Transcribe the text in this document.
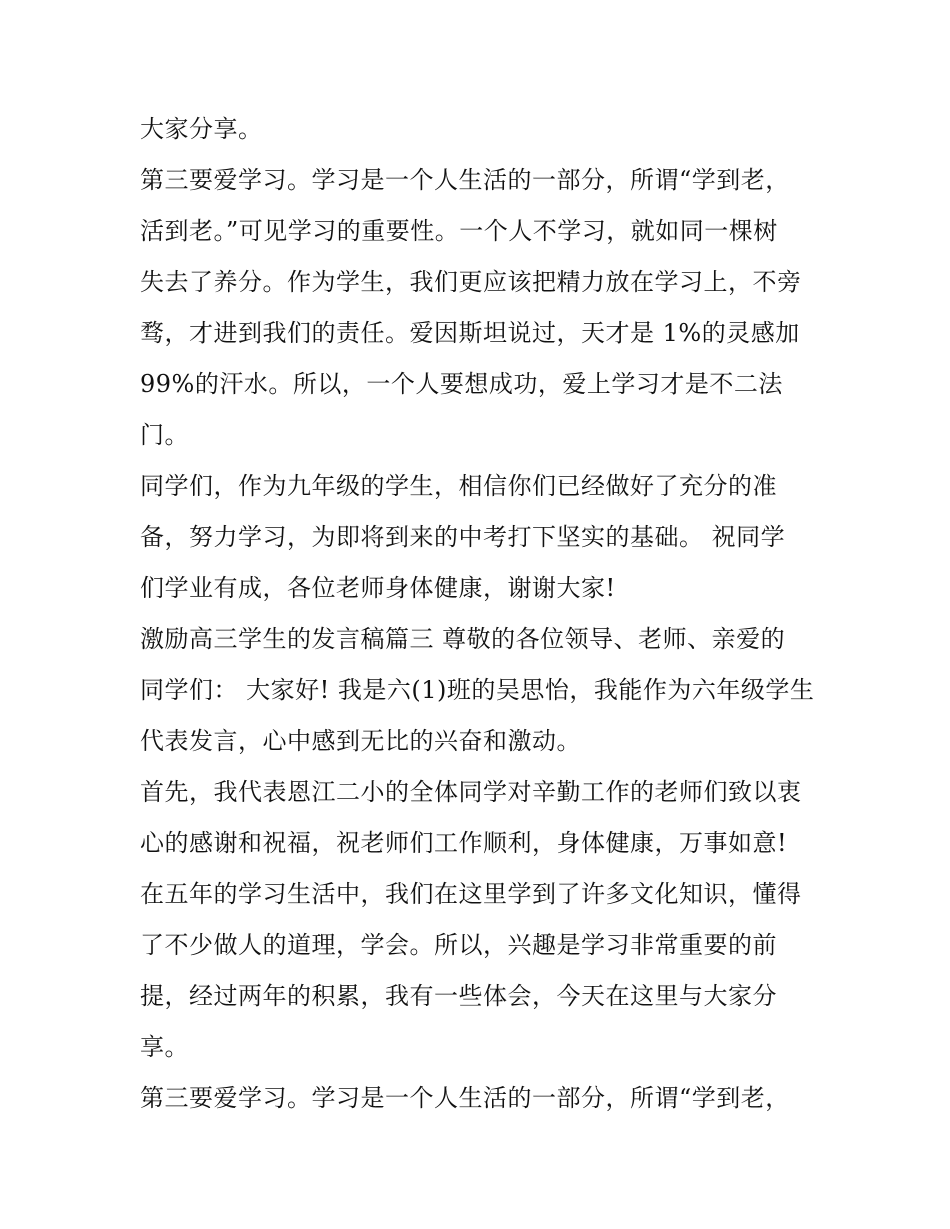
大家分享。
第三要爱学习。学习是一个人生活的一部分，所谓“学到老，
活到老。”可见学习的重要性。一个人不学习，就如同一棵树
失去了养分。作为学生，我们更应该把精力放在学习上，不旁
骛，才进到我们的责任。爱因斯坦说过，天才是 1%的灵感加
99%的汗水。所以，一个人要想成功，爱上学习才是不二法
门。
同学们，作为九年级的学生，相信你们已经做好了充分的准
备，努力学习，为即将到来的中考打下坚实的基础。 祝同学
们学业有成，各位老师身体健康，谢谢大家!
激励高三学生的发言稿篇三 尊敬的各位领导、老师、亲爱的
同学们： 大家好! 我是六(1)班的吴思怡，我能作为六年级学生
代表发言，心中感到无比的兴奋和激动。
首先，我代表恩江二小的全体同学对辛勤工作的老师们致以衷
心的感谢和祝福，祝老师们工作顺利，身体健康，万事如意!
在五年的学习生活中，我们在这里学到了许多文化知识，懂得
了不少做人的道理，学会。所以，兴趣是学习非常重要的前
提，经过两年的积累，我有一些体会，今天在这里与大家分
享。
第三要爱学习。学习是一个人生活的一部分，所谓“学到老，
